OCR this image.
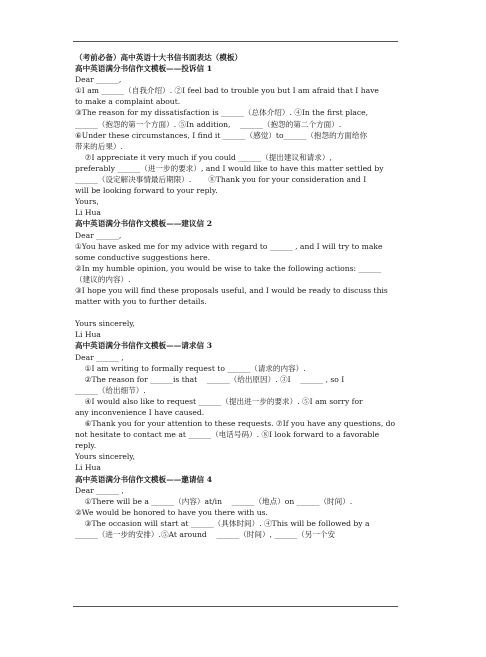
（考前必备）高中英语十大书信书面表达（模板）
高中英语满分书信作文模板——投诉信 1
Dear ______,
①I am ______（自我介绍）. ②I feel bad to trouble you but I am afraid that I have
to make a complaint about.
③The reason for my dissatisfaction is ______（总体介绍）. ④In the first place,
______（抱怨的第一个方面）. ⑤In addition,    ______（抱怨的第二个方面）.
⑥Under these circumstances, I find it ______（感觉）to______（抱怨的方面给你
带来的后果）.
⑦I appreciate it very much if you could ______（提出建议和请求）,
preferably ______（进一步的要求）, and I would like to have this matter settled by
______（设定解决事情最后期限）.       ⑧Thank you for your consideration and I
will be looking forward to your reply.
Yours,
Li Hua
高中英语满分书信作文模板——建议信 2
Dear ______,
①You have asked me for my advice with regard to ______ , and I will try to make
some conductive suggestions here.
②In my humble opinion, you would be wise to take the following actions: ______
（建议的内容）.
③I hope you will find these proposals useful, and I would be ready to discuss this
matter with you to further details.
Yours sincerely,
Li Hua
高中英语满分书信作文模板——请求信 3
Dear ______ ,
①I am writing to formally request to ______（请求的内容）.
②The reason for ______is that    ______（给出原因）. ③I    ______ , so I
______（给出细节）.
④I would also like to request ______（提出进一步的要求）. ⑤I am sorry for
any inconvenience I have caused.
⑥Thank you for your attention to these requests. ⑦If you have any questions, do
not hesitate to contact me at ______（电话号码）. ⑧I look forward to a favorable
reply.
Yours sincerely,
Li Hua
高中英语满分书信作文模板——邀请信 4
Dear ______ ,
①There will be a ______（内容）at/in    ______（地点）on ______（时间）.
②We would be honored to have you there with us.
③The occasion will start at ______（具体时间）. ④This will be followed by a
______（进一步的安排）.⑤At around    ______（时间）, ______（另一个安
